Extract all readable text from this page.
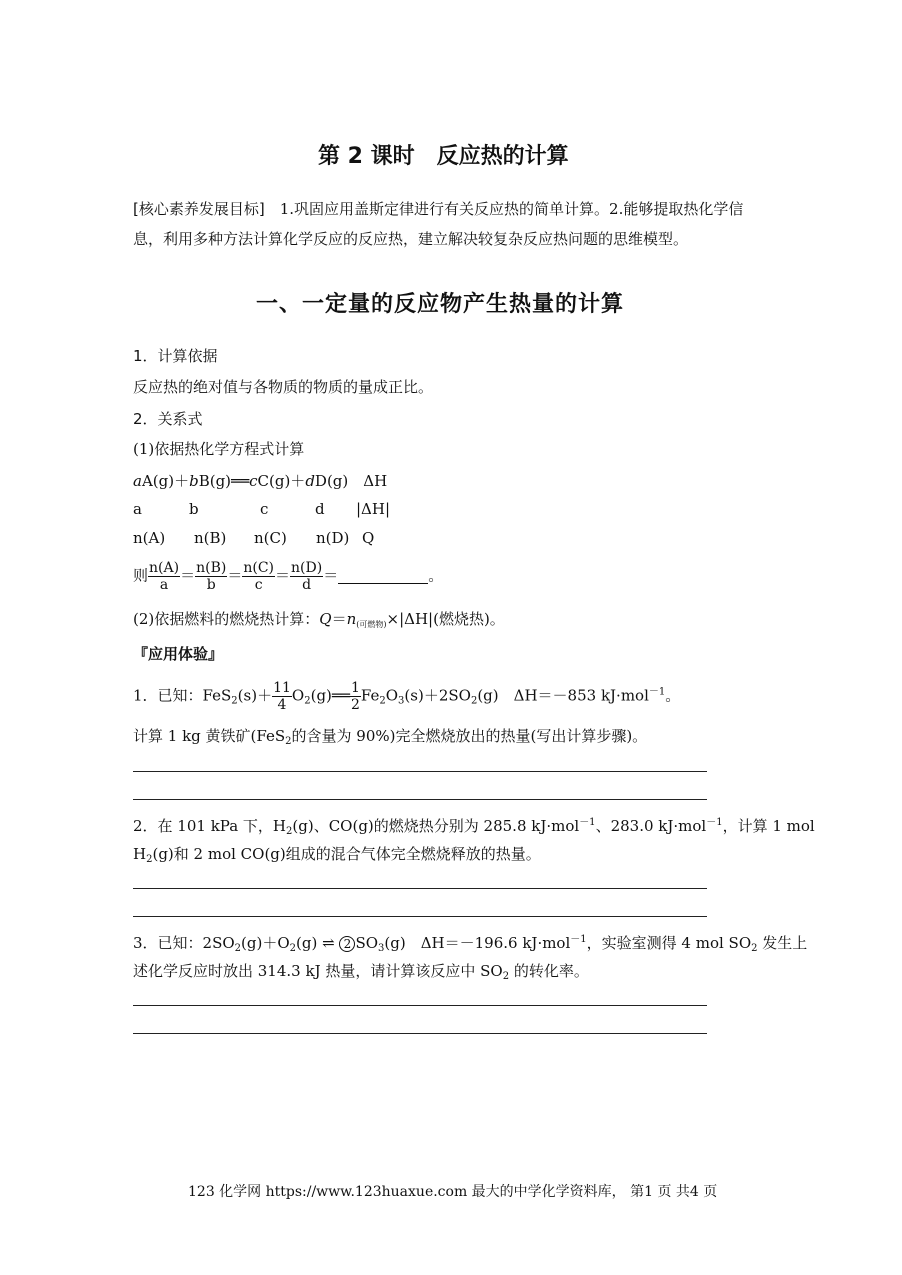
第 2 课时　反应热的计算
[核心素养发展目标]　 1.巩固应用盖斯定律进行有关反应热的简单计算。2.能够提取热化学信
息，利用多种方法计算化学反应的反应热，建立解决较复杂反应热问题的思维模型。
一、一定量的反应物产生热量的计算
1．计算依据
反应热的绝对值与各物质的物质的量成正比。
2．关系式
(1)依据热化学方程式计算
aA(g)＋bB(g)══cC(g)＋dD(g)　 ΔH
a	b	c	d |ΔH|
n(A) n(B) n(C) n(D) Q
则 $\frac{n(A)}{a} = \frac{n(B)}{b} = \frac{n(C)}{c} = \frac{n(D)}{d}$ ＝	。
(2)依据燃料的燃烧热计算：$Q=n_{(可燃物)}\times|\Delta H|$(燃烧热)。
『应用体验』
1．已知：$FeS_2(s)+ \frac{11}{4}$ $O_2(g)══ \frac{1}{2} Fe_2O_3(s)+2SO_2(g)$　ΔH＝－853 kJ·mol$^{-1}$。
计算 1 kg 黄铁矿(FeS$_2$的含量为 90%)完全燃烧放出的热量(写出计算步骤)。
2．在 101 kPa 下，$H_2(g)$、CO(g)的燃烧热分别为 285.8 kJ·mol$^{-1}$、283.0 kJ·mol$^{-1}$，计算 1 mol
$H_2(g)$和 2 mol CO(g)组成的混合气体完全燃烧释放的热量。
3．已知：$2SO_2(g)+O_2(g)$ ⇌ 2 $SO_3(g)$　ΔH＝－196.6 kJ·mol$^{-1}$，实验室测得 4 mol $SO_2$ 发生上
述化学反应时放出 314.3 kJ 热量，请计算该反应中 $SO_2$ 的转化率。
123 化学网 https://www.123huaxue.com 最大的中学化学资料库， 第1 页 共4 页
